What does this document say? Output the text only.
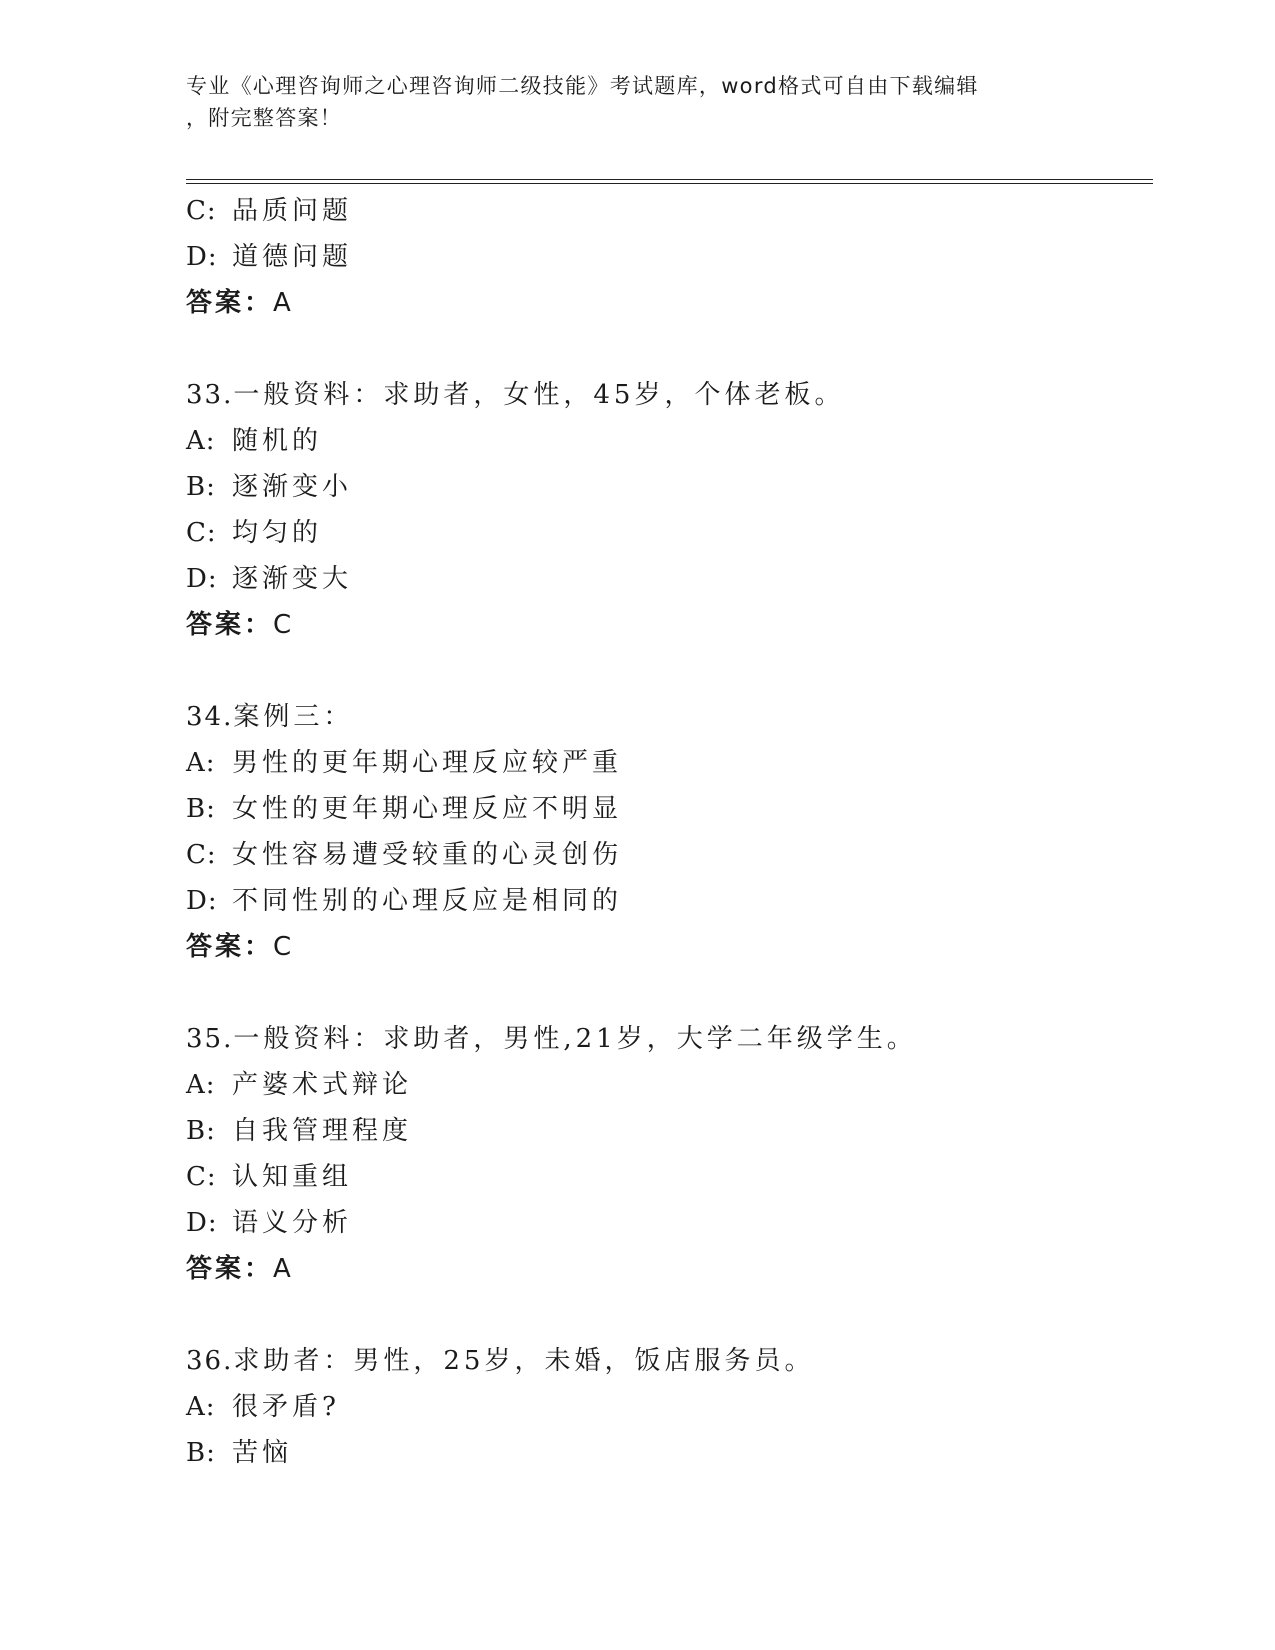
专业《心理咨询师之心理咨询师二级技能》考试题库，word格式可自由下载编辑
，附完整答案！
C: 品质问题
D: 道德问题
答案：A
33.一般资料：求助者，女性，45岁，个体老板。
A: 随机的
B: 逐渐变小
C: 均匀的
D: 逐渐变大
答案：C
34.案例三：
A: 男性的更年期心理反应较严重
B: 女性的更年期心理反应不明显
C: 女性容易遭受较重的心灵创伤
D: 不同性别的心理反应是相同的
答案：C
35.一般资料：求助者，男性,21岁，大学二年级学生。
A: 产婆术式辩论
B: 自我管理程度
C: 认知重组
D: 语义分析
答案：A
36.求助者：男性，25岁，未婚，饭店服务员。
A: 很矛盾?
B: 苦恼
